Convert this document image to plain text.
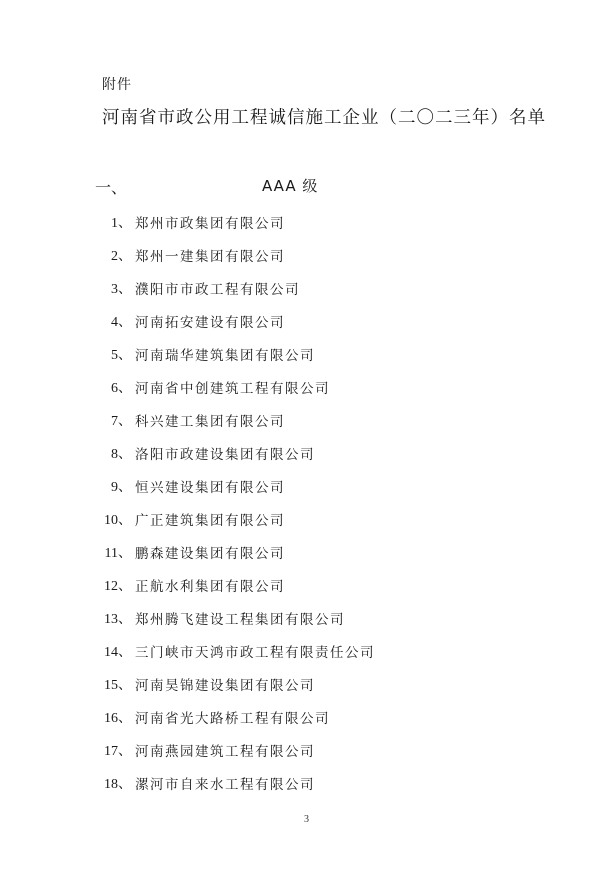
附件
河南省市政公用工程诚信施工企业（二〇二三年）名单
一、	AAA 级
1、 郑州市政集团有限公司
2、 郑州一建集团有限公司
3、 濮阳市市政工程有限公司
4、 河南拓安建设有限公司
5、 河南瑞华建筑集团有限公司
6、 河南省中创建筑工程有限公司
7、 科兴建工集团有限公司
8、 洛阳市政建设集团有限公司
9、 恒兴建设集团有限公司
10、 广正建筑集团有限公司
11、 鹏森建设集团有限公司
12、 正航水利集团有限公司
13、 郑州腾飞建设工程集团有限公司
14、 三门峡市天鸿市政工程有限责任公司
15、 河南昊锦建设集团有限公司
16、 河南省光大路桥工程有限公司
17、 河南燕园建筑工程有限公司
18、 漯河市自来水工程有限公司
3
